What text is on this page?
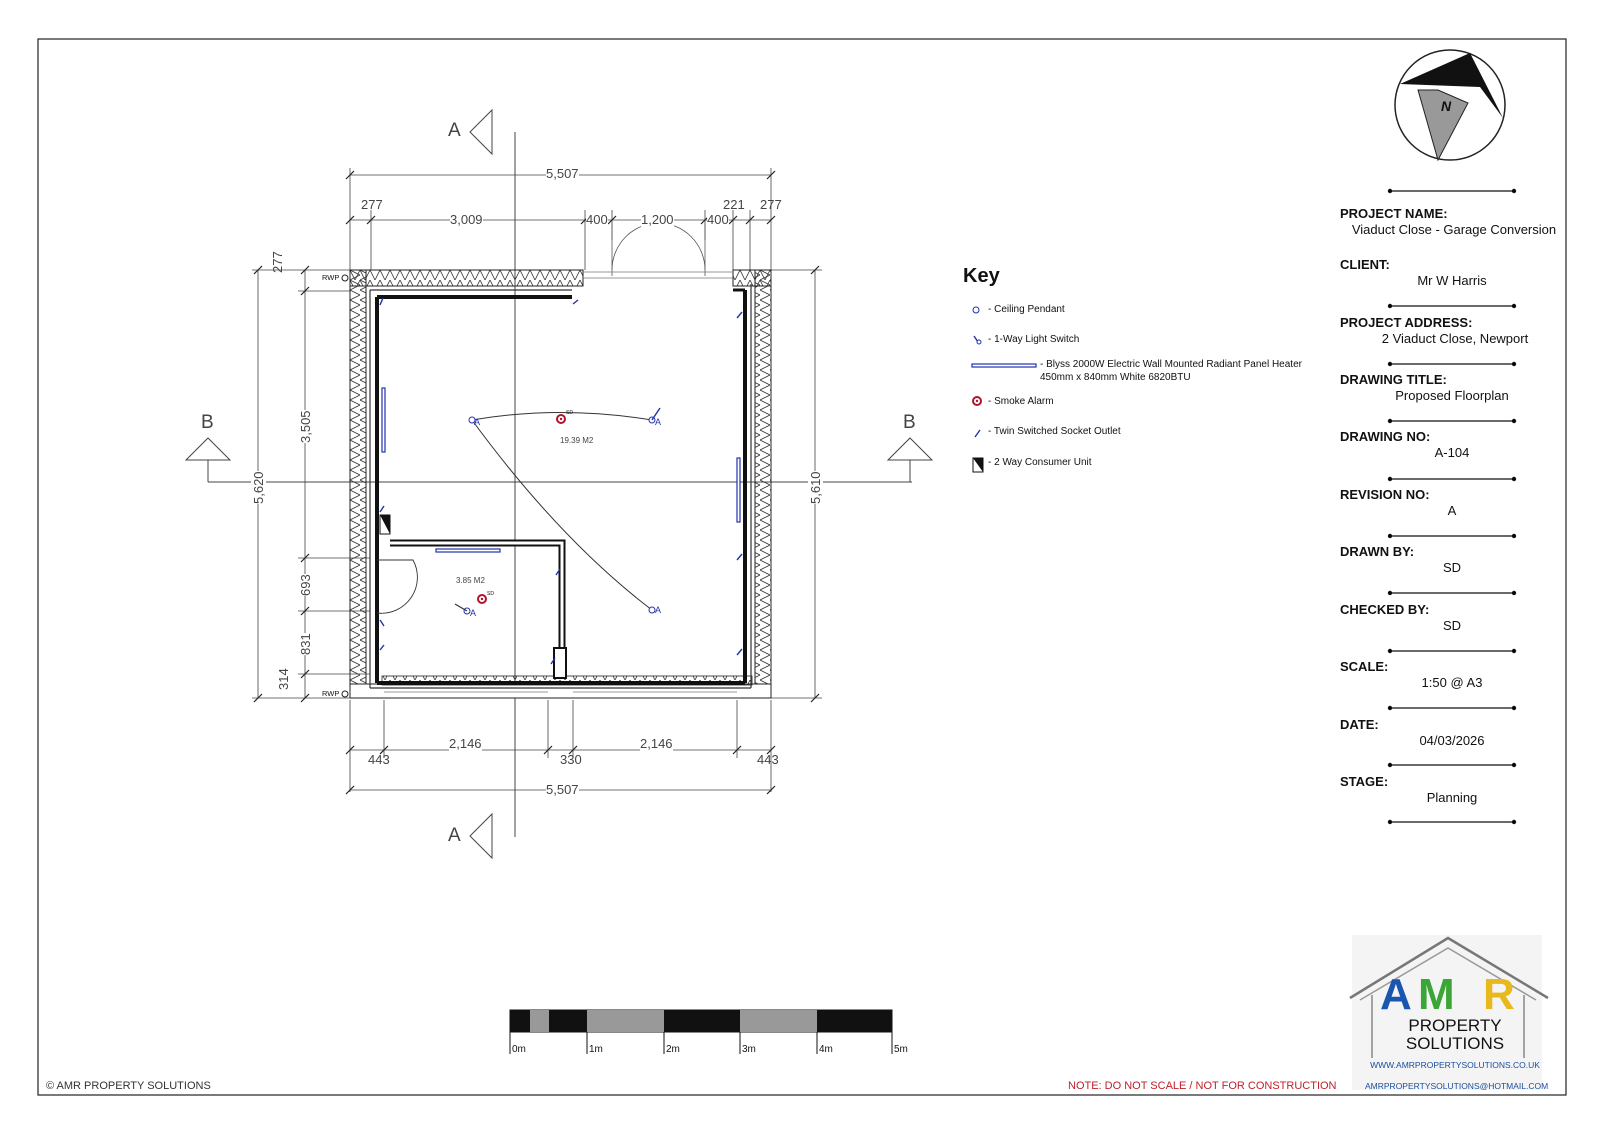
A
A
B	B
5,507
277
3,009	400	1,200	400
221 277
277
3,505
693
831
314
5,620	5,610
443
2,146
330
2,146
443
5,507
RWP
RWP
19.39 M2
3.85 M2
A	A
A
A
SD
SD
Key
- Ceiling Pendant
- 1-Way Light Switch
- Blyss 2000W Electric Wall Mounted Radiant Panel Heater
450mm x 840mm White 6820BTU
- Smoke Alarm
- Twin Switched Socket Outlet
- 2 Way Consumer Unit
N
PROJECT NAME:
Viaduct Close - Garage Conversion
CLIENT:
Mr W Harris
PROJECT ADDRESS:
2 Viaduct Close, Newport
DRAWING TITLE:
Proposed Floorplan
DRAWING NO:
A-104
REVISION NO:
A
DRAWN BY:
SD
CHECKED BY:
SD
SCALE:
1:50 @ A3
DATE:
04/03/2026
STAGE:
Planning
0m	1m	2m	3m	4m	5m
A M R
PROPERTY
SOLUTIONS
WWW.AMRPROPERTYSOLUTIONS.CO.UK
AMRPROPERTYSOLUTIONS@HOTMAIL.COM
© AMR PROPERTY SOLUTIONS	NOTE: DO NOT SCALE / NOT FOR CONSTRUCTION
